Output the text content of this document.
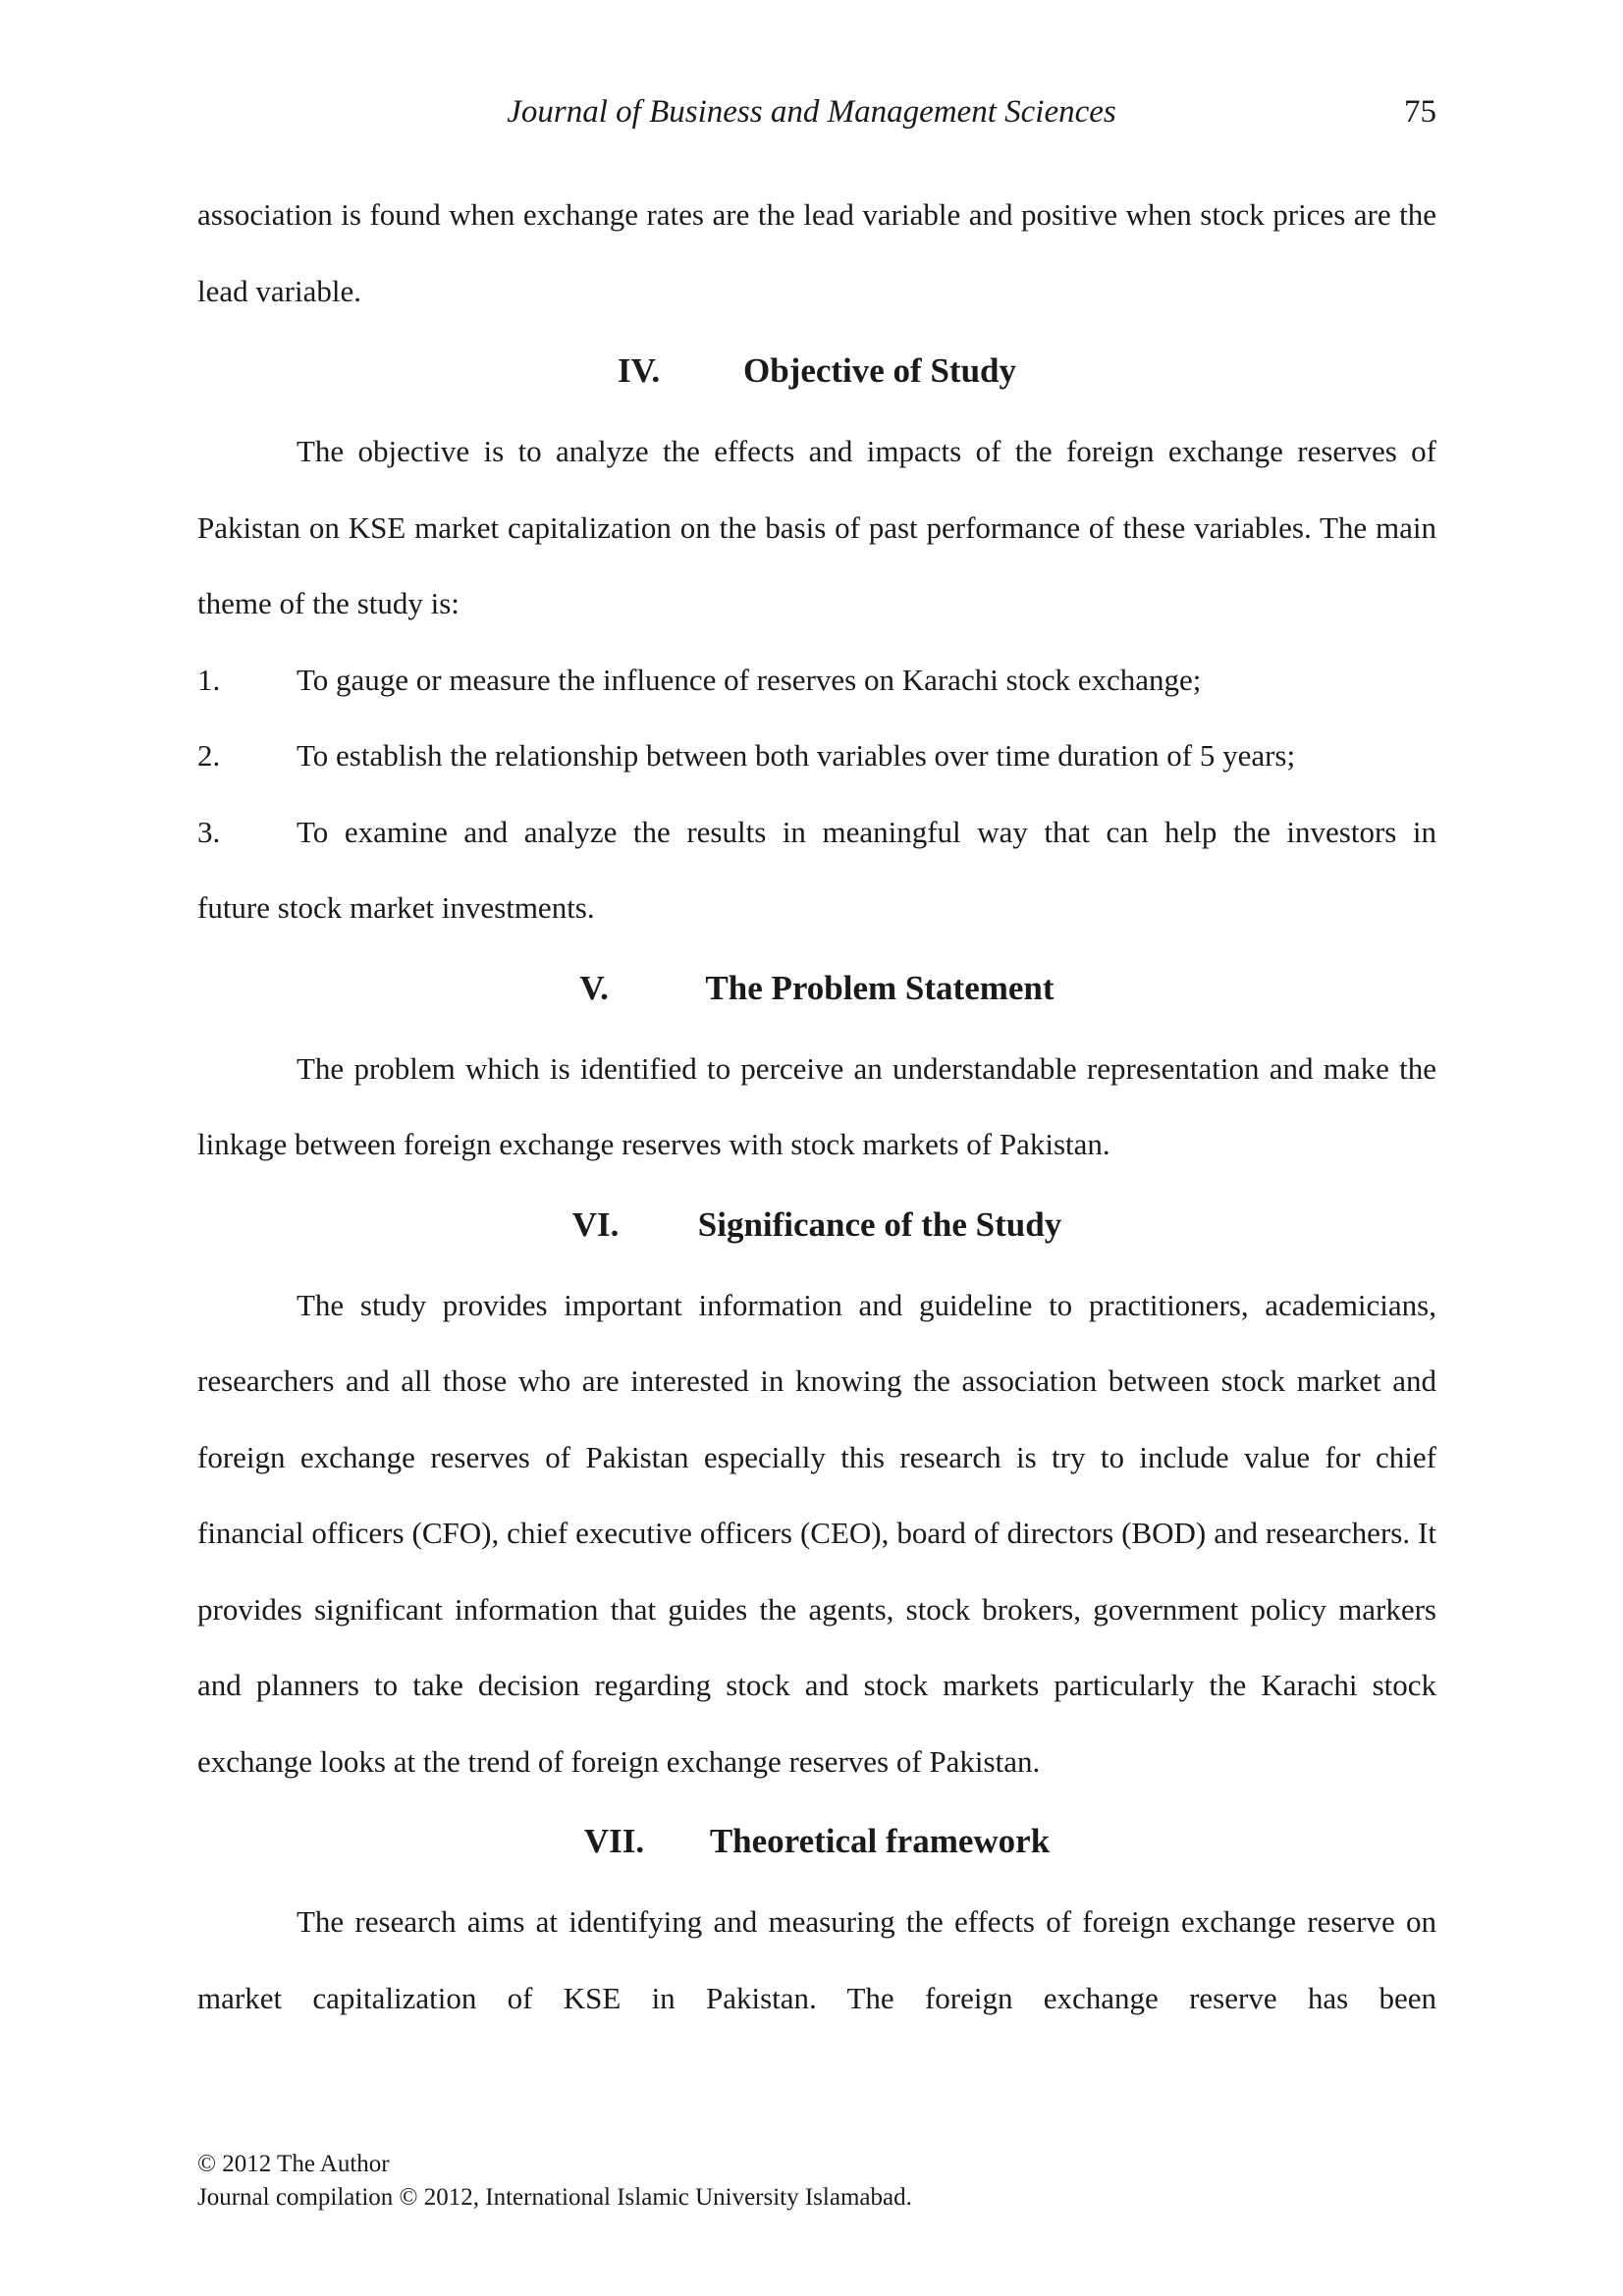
Journal of Business and Management Sciences	75

association is found when exchange rates are the lead variable and positive when stock prices are the lead variable.

IV. Objective of Study

The objective is to analyze the effects and impacts of the foreign exchange reserves of Pakistan on KSE market capitalization on the basis of past performance of these variables. The main theme of the study is:

1.	To gauge or measure the influence of reserves on Karachi stock exchange;
2.	To establish the relationship between both variables over time duration of 5 years;
3.	To examine and analyze the results in meaningful way that can help the investors in

future stock market investments.

V.	The Problem Statement

The problem which is identified to perceive an understandable representation and make the linkage between foreign exchange reserves with stock markets of Pakistan.

VI. Significance of the Study

The study provides important information and guideline to practitioners, academicians, researchers and all those who are interested in knowing the association between stock market and foreign exchange reserves of Pakistan especially this research is try to include value for chief financial officers (CFO), chief executive officers (CEO), board of directors (BOD) and researchers. It provides significant information that guides the agents, stock brokers, government policy markers and planners to take decision regarding stock and stock markets particularly the Karachi stock exchange looks at the trend of foreign exchange reserves of Pakistan.

VII. Theoretical framework

The research aims at identifying and measuring the effects of foreign exchange reserve on market capitalization of KSE in Pakistan. The foreign exchange reserve has been

© 2012 The Author
Journal compilation © 2012, International Islamic University Islamabad.
